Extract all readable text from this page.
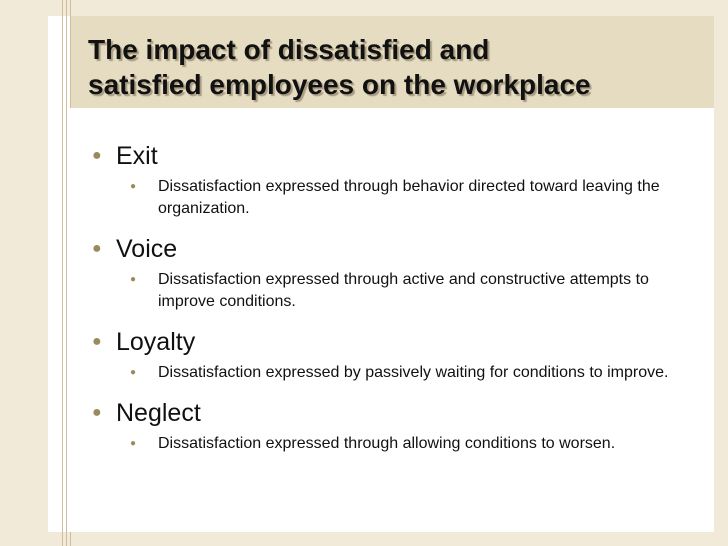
The impact of dissatisfied and
satisfied employees on the workplace
● Exit
●	Dissatisfaction expressed through behavior directed toward leaving the organization.
● Voice
●	Dissatisfaction expressed through active and constructive attempts to improve conditions.
● Loyalty
●	Dissatisfaction expressed by passively waiting for conditions to improve.
● Neglect
●	Dissatisfaction expressed through allowing conditions to worsen.
